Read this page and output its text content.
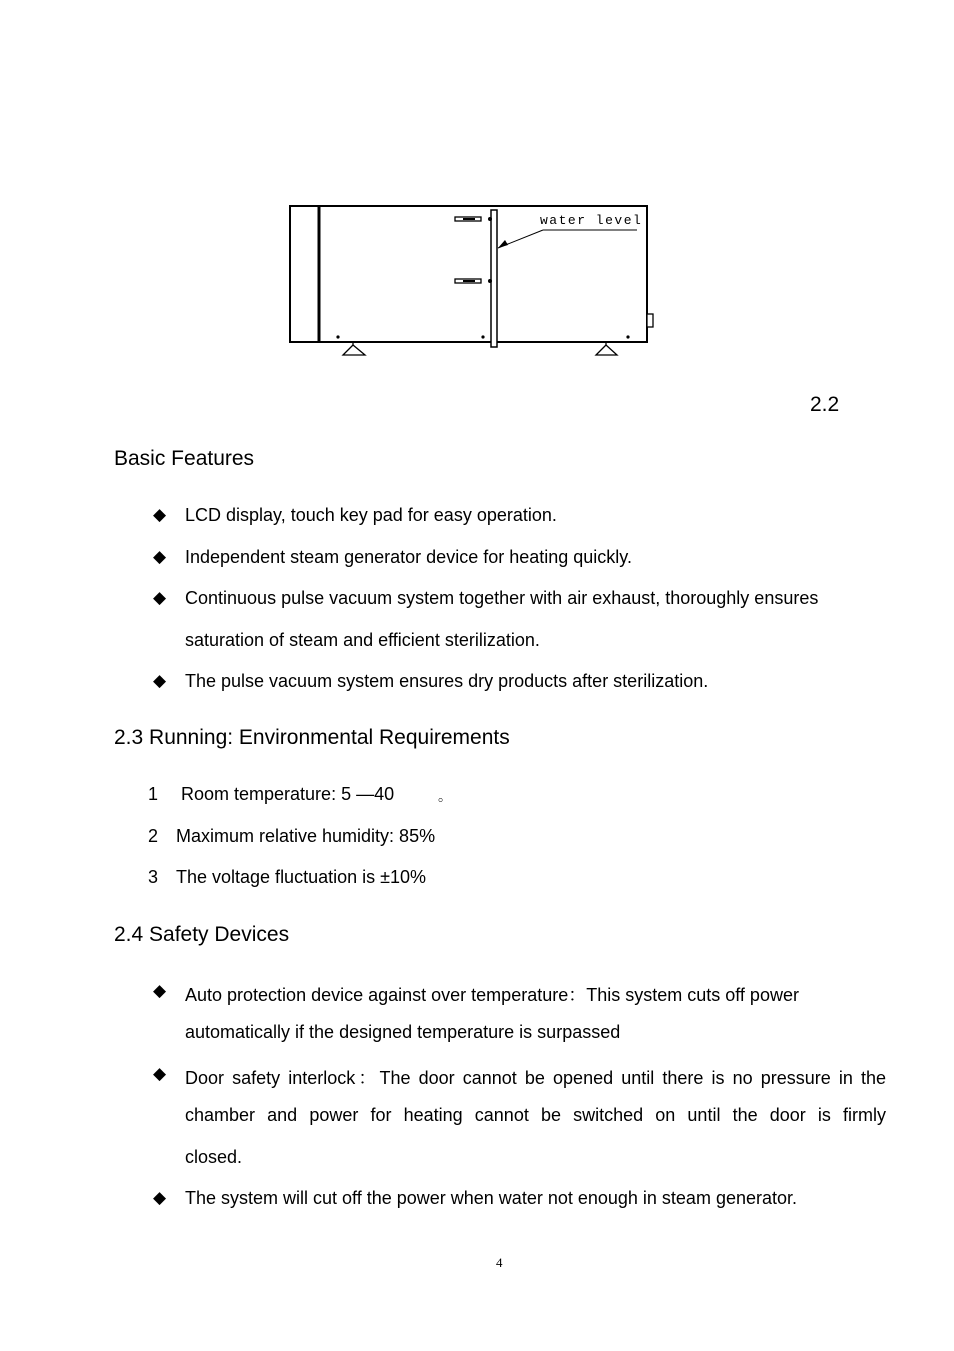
water level
2.2
Basic Features
◆ LCD display, touch key pad for easy operation.
◆ Independent steam generator device for heating quickly.
◆ Continuous pulse vacuum system together with air exhaust, thoroughly ensures
saturation of steam and efficient sterilization.
◆ The pulse vacuum system ensures dry products after sterilization.
2.3 Running: Environmental Requirements
1 Room temperature: 5 —40	。
2 Maximum relative humidity: 85%
3 The voltage fluctuation is ±10%
2.4 Safety Devices
◆ Auto protection device against over temperature：This system cuts off power
automatically if the designed temperature is surpassed
◆ Door safety interlock：The door cannot be opened until there is no pressure in the
chamber and power for heating cannot be switched on until the door is firmly
closed.
◆ The system will cut off the power when water not enough in steam generator.
4
